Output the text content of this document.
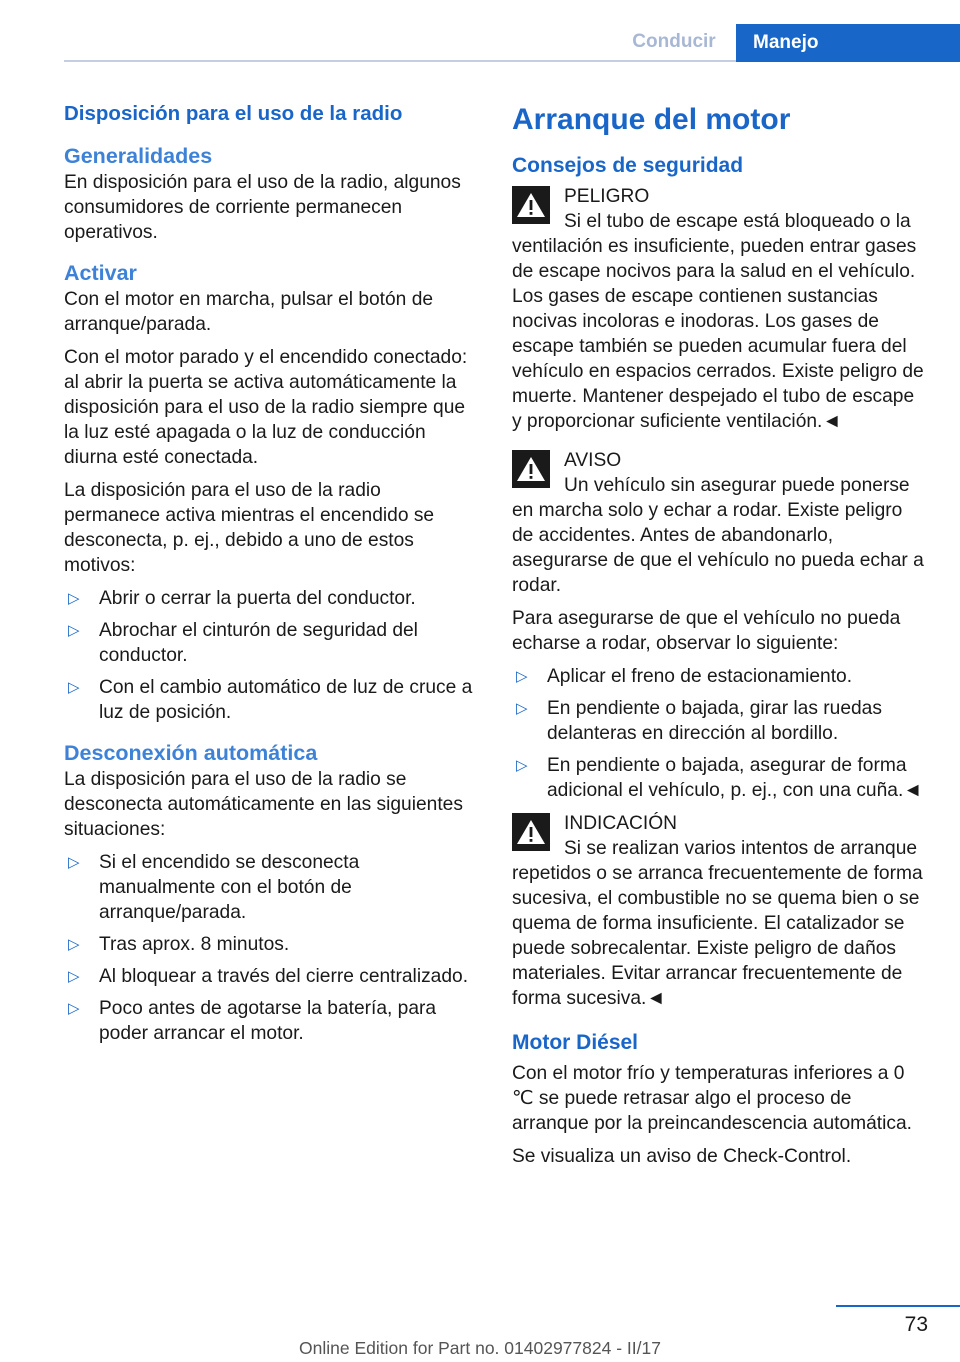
Conducir	Manejo
Disposición para el uso de la radio
Generalidades

En disposición para el uso de la radio, algunos consumidores de corriente permanecen operativos.

Activar

Con el motor en marcha, pulsar el botón de arranque/parada.

Con el motor parado y el encendido conectado: al abrir la puerta se activa automáticamente la disposición para el uso de la radio siempre que la luz esté apagada o la luz de conducción diurna esté conectada.

La disposición para el uso de la radio permanece activa mientras el encendido se desconecta, p. ej., debido a uno de estos motivos:

▷ Abrir o cerrar la puerta del conductor.
▷ Abrochar el cinturón de seguridad del conductor.
▷ Con el cambio automático de luz de cruce a luz de posición.
Desconexión automática

La disposición para el uso de la radio se desconecta automáticamente en las siguientes situaciones:

▷ Si el encendido se desconecta manualmente con el botón de arranque/parada.
▷ Tras aprox. 8 minutos.
▷ Al bloquear a través del cierre centralizado.
▷ Poco antes de agotarse la batería, para poder arrancar el motor.
Arranque del motor
Consejos de seguridad
PELIGRO
Si el tubo de escape está bloqueado o la ventilación es insuficiente, pueden entrar gases de escape nocivos para la salud en el vehículo. Los gases de escape contienen sustancias nocivas incoloras e inodoras. Los gases de escape también se pueden acumular fuera del vehículo en espacios cerrados. Existe peligro de muerte. Mantener despejado el tubo de escape y proporcionar suficiente ventilación.◄
AVISO
Un vehículo sin asegurar puede ponerse en marcha solo y echar a rodar. Existe peligro de accidentes. Antes de abandonarlo, asegurarse de que el vehículo no pueda echar a rodar.

Para asegurarse de que el vehículo no pueda echarse a rodar, observar lo siguiente:

▷ Aplicar el freno de estacionamiento.
▷ En pendiente o bajada, girar las ruedas delanteras en dirección al bordillo.
▷ En pendiente o bajada, asegurar de forma adicional el vehículo, p. ej., con una cuña.◄
INDICACIÓN
Si se realizan varios intentos de arranque repetidos o se arranca frecuentemente de forma sucesiva, el combustible no se quema bien o se quema de forma insuficiente. El catalizador se puede sobrecalentar. Existe peligro de daños materiales. Evitar arrancar frecuentemente de forma sucesiva.◄
Motor Diésel

Con el motor frío y temperaturas inferiores a 0 ℃ se puede retrasar algo el proceso de arranque por la preincandescencia automática.

Se visualiza un aviso de Check-Control.

73
Online Edition for Part no. 01402977824 - II/17
